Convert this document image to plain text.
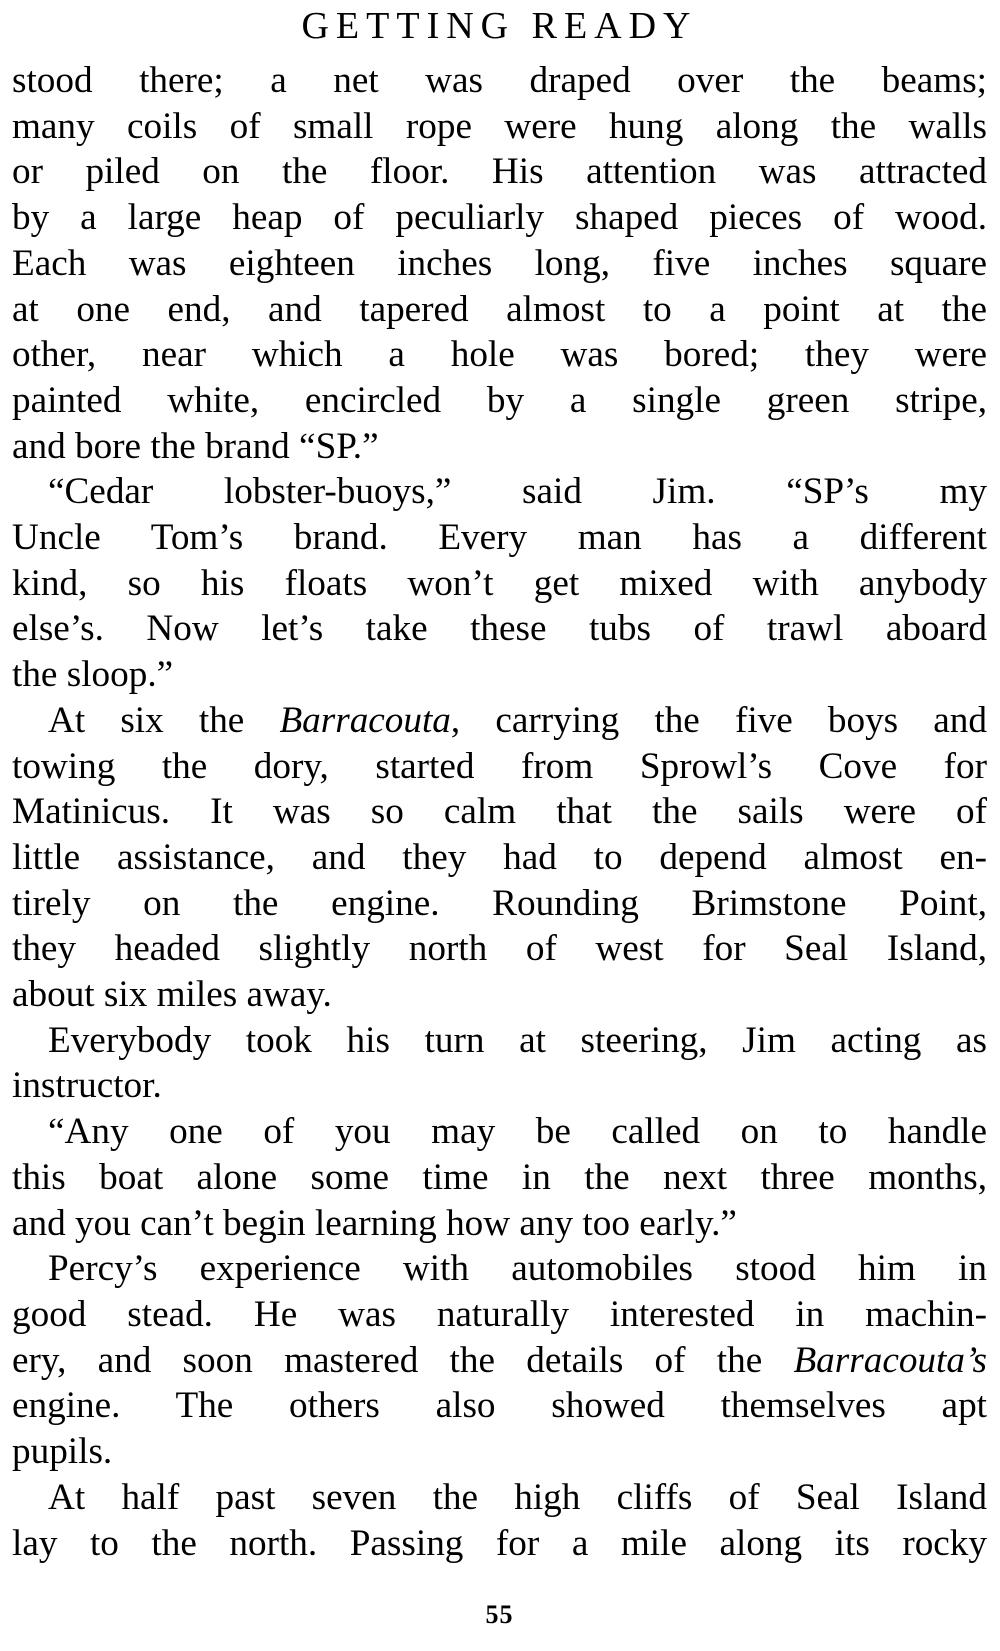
GETTING READY

stood there; a net was draped over the beams;

many coils of small rope were hung along the walls

or piled on the floor. His attention was attracted

by a large heap of peculiarly shaped pieces of wood.

Each was eighteen inches long, five inches square

at one end, and tapered almost to a point at the

other, near which a hole was bored; they were

painted white, encircled by a single green stripe,

and bore the brand “SP.”

“Cedar lobster-buoys,” said Jim. “SP’s my

Uncle Tom’s brand. Every man has a different

kind, so his floats won’t get mixed with anybody

else’s. Now let’s take these tubs of trawl aboard

the sloop.”

At six the Barracouta, carrying the five boys and

towing the dory, started from Sprowl’s Cove for

Matinicus. It was so calm that the sails were of

little assistance, and they had to depend almost en-

tirely on the engine. Rounding Brimstone Point,

they headed slightly north of west for Seal Island,

about six miles away.

Everybody took his turn at steering, Jim acting as

instructor.

“Any one of you may be called on to handle

this boat alone some time in the next three months,

and you can’t begin learning how any too early.”

Percy’s experience with automobiles stood him in

good stead. He was naturally interested in machin-

ery, and soon mastered the details of the Barracouta’s

engine. The others also showed themselves apt

pupils.

At half past seven the high cliffs of Seal Island

lay to the north. Passing for a mile along its rocky

55
